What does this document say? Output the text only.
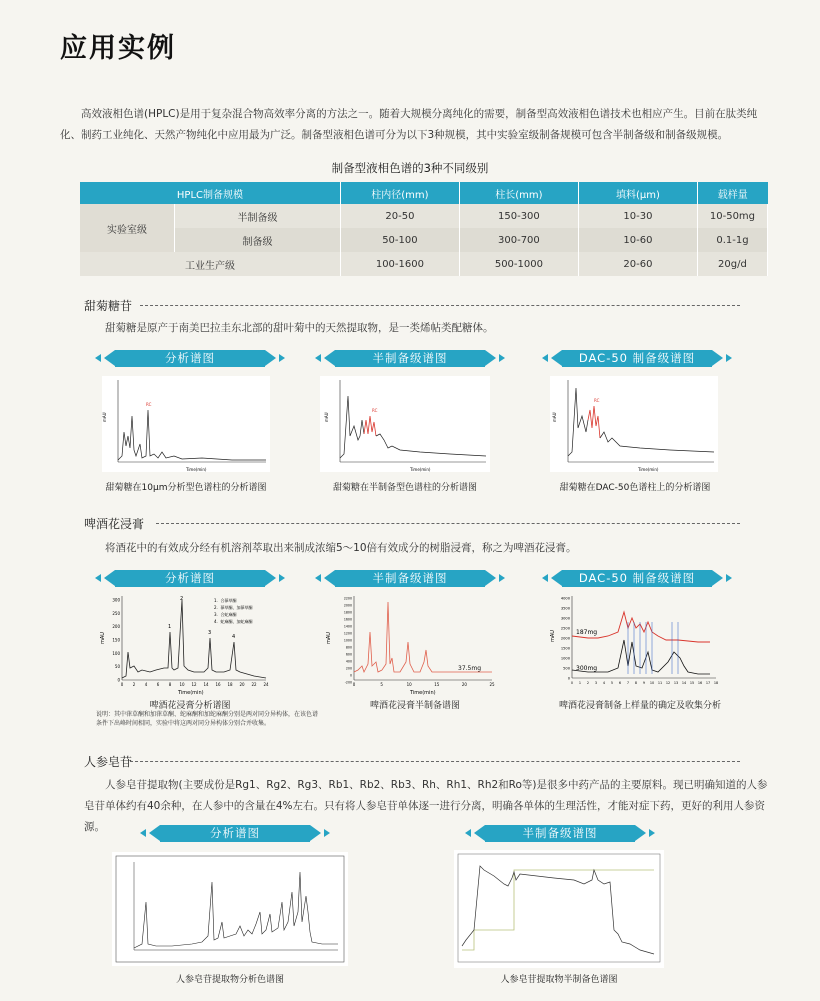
应用实例
高效液相色谱(HPLC)是用于复杂混合物高效率分离的方法之一。随着大规模分离纯化的需要，制备型高效液相色谱技术也相应产生。目前在肽类纯化、制药工业纯化、天然产物纯化中应用最为广泛。制备型液相色谱可分为以下3种规模，其中实验室级制备规模可包含半制备级和制备级规模。
制备型液相色谱的3种不同级别
HPLC制备规模		柱内径(mm)	柱长(mm)	填料(μm)	载样量
实验室级	半制备级	20-50	150-300	10-30	10-50mg
	制备级	50-100	300-700	10-60	0.1-1g
工业生产级		100-1600	500-1000	20-60	20g/d
甜菊糖苷
甜菊糖是原产于南美巴拉圭东北部的甜叶菊中的天然提取物，是一类烯帖类配糖体。
分析谱图	半制备级谱图	DAC-50 制备级谱图
mAU
Time(min)
RC
mAU
Time(min)
RC
mAU
Time(min)
RC
甜菊糖在10μm分析型色谱柱的分析谱图	甜菊糖在半制备型色谱柱的分析谱图	甜菊糖在DAC-50色谱柱上的分析谱图
啤酒花浸膏
将酒花中的有效成分经有机溶剂萃取出来制成浓缩5～10倍有效成分的树脂浸膏，称之为啤酒花浸膏。
分析谱图	半制备级谱图	DAC-50 制备级谱图
300
250
200
150
100
50
0
0 2 4 6 8 10 12 14 16 18 20 22 24
mAU
Time(min)
1
2
3
4
1．合葎草酮
2．葎草酮、加葎草酮
3．合蛇麻酮
4．蛇麻酮、加蛇麻酮
2200
2000
1800
1600
1400
1200
1000
800
600
400
200
0
-200 0	5	10	15	20	25
mAU
Time(min)
37.5mg
4000
3500
3000
2500
2000
1500
1000
500
0
0 1 2 3 4 5 6 7 8 9 10 11 12 13 14 15 16 17 18
mAU	187mg
300mg
啤酒花浸膏分析谱图	啤酒花浸膏半制备谱图	啤酒花浸膏制备上样量的确定及收集分析
说明：其中葎草酮和加葎草酮、蛇麻酮和加蛇麻酮分别是两对同分异构体，在该色谱条件下出峰时间相同，实验中将这两对同分异构体分别合并收集。
人参皂苷
人参皂苷提取物(主要成份是Rg1、Rg2、Rg3、Rb1、Rb2、Rb3、Rh、Rh1、Rh2和Ro等)是很多中药产品的主要原料。现已明确知道的人参皂苷单体约有40余种，在人参中的含量在4%左右。只有将人参皂苷单体逐一进行分离，明确各单体的生理活性，才能对症下药，更好的利用人参资源。	分析谱图	半制备级谱图
人参皂苷提取物分析色谱图	人参皂苷提取物半制备色谱图
